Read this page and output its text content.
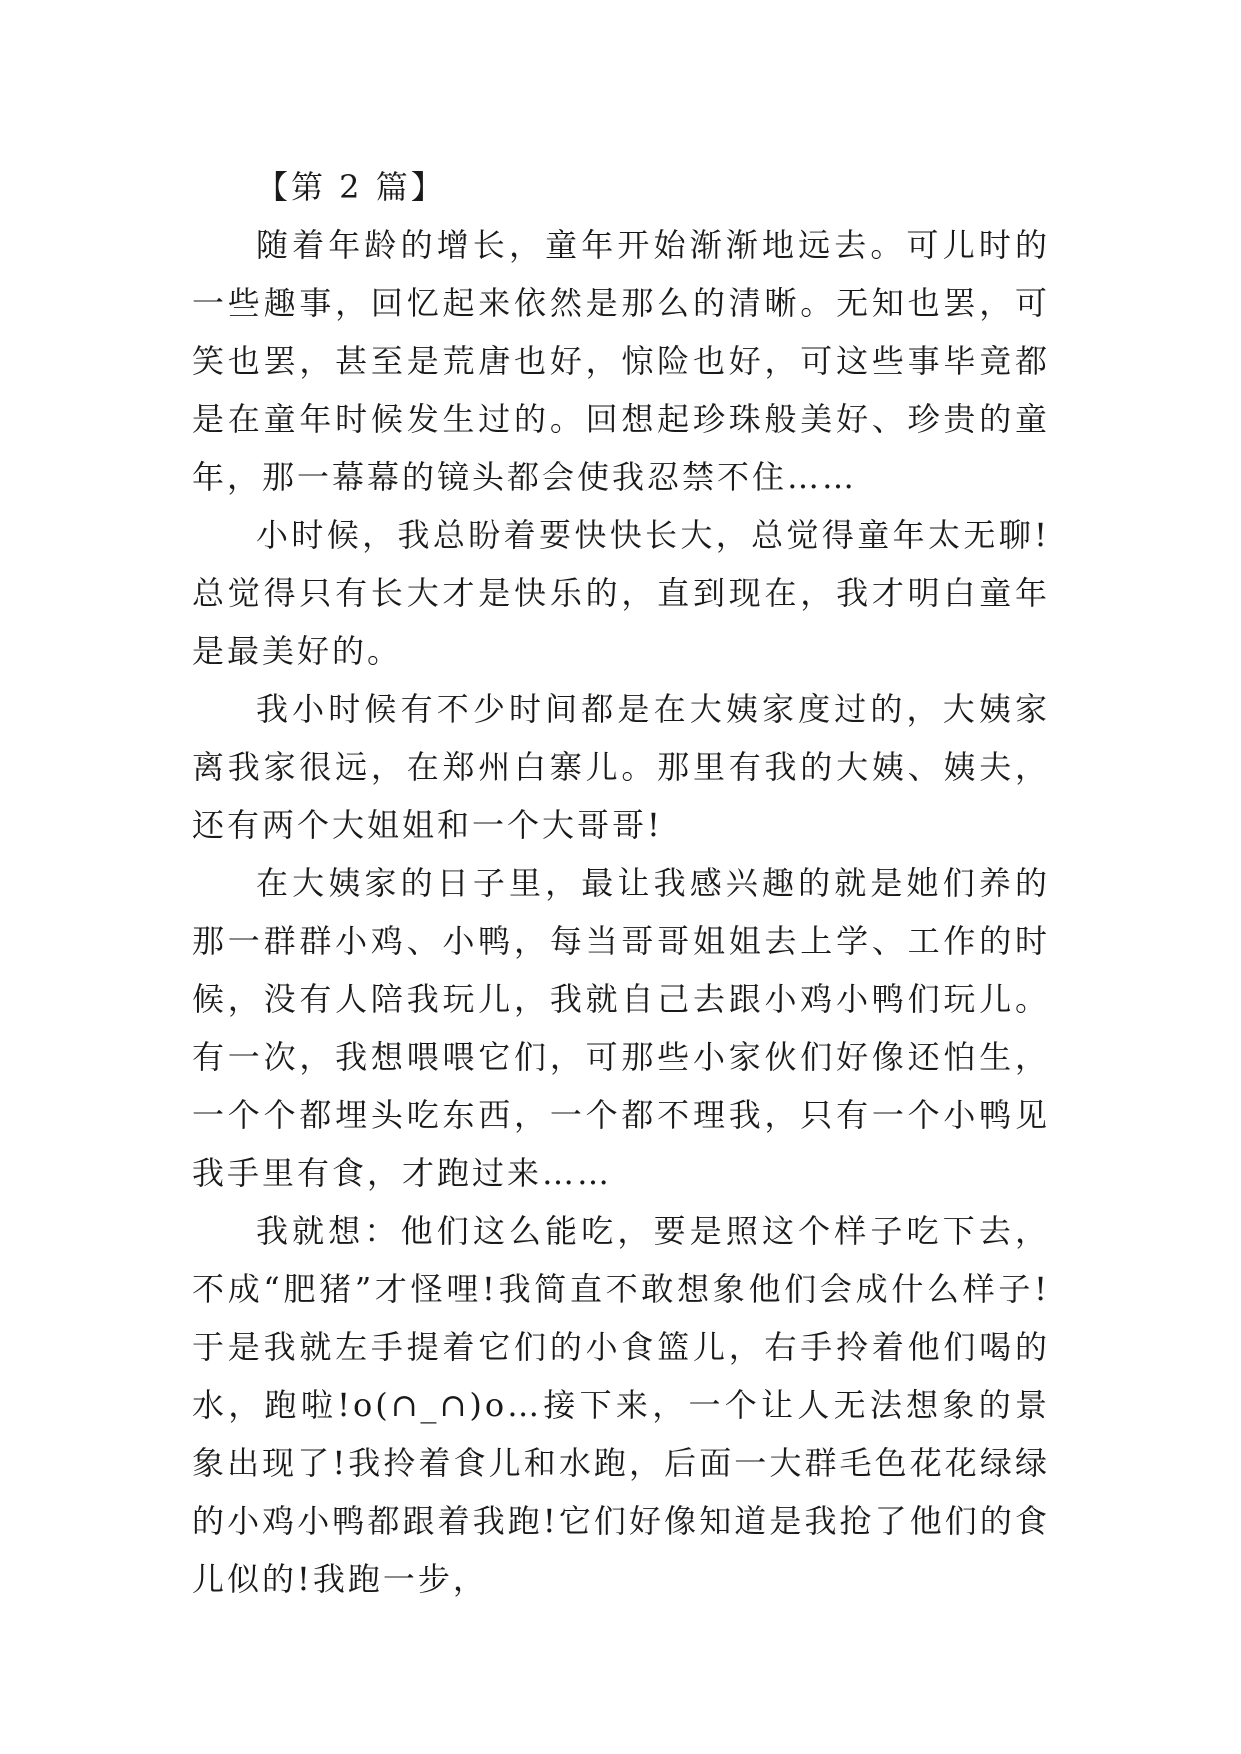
【第 2 篇】

随着年龄的增长，童年开始渐渐地远去。可儿时的一些趣事，回忆起来依然是那么的清晰。无知也罢，可笑也罢，甚至是荒唐也好，惊险也好，可这些事毕竟都是在童年时候发生过的。回想起珍珠般美好、珍贵的童年，那一幕幕的镜头都会使我忍禁不住……

小时候，我总盼着要快快长大，总觉得童年太无聊!总觉得只有长大才是快乐的，直到现在，我才明白童年是最美好的。

我小时候有不少时间都是在大姨家度过的，大姨家离我家很远，在郑州白寨儿。那里有我的大姨、姨夫，还有两个大姐姐和一个大哥哥!

在大姨家的日子里，最让我感兴趣的就是她们养的那一群群小鸡、小鸭，每当哥哥姐姐去上学、工作的时候，没有人陪我玩儿，我就自己去跟小鸡小鸭们玩儿。有一次，我想喂喂它们，可那些小家伙们好像还怕生，一个个都埋头吃东西，一个都不理我，只有一个小鸭见我手里有食，才跑过来……

我就想：他们这么能吃，要是照这个样子吃下去，不成“肥猪”才怪哩!我简直不敢想象他们会成什么样子!于是我就左手提着它们的小食篮儿，右手拎着他们喝的水，跑啦!o(∩_∩)o…接下来，一个让人无法想象的景象出现了!我拎着食儿和水跑，后面一大群毛色花花绿绿的小鸡小鸭都跟着我跑!它们好像知道是我抢了他们的食儿似的!我跑一步，
